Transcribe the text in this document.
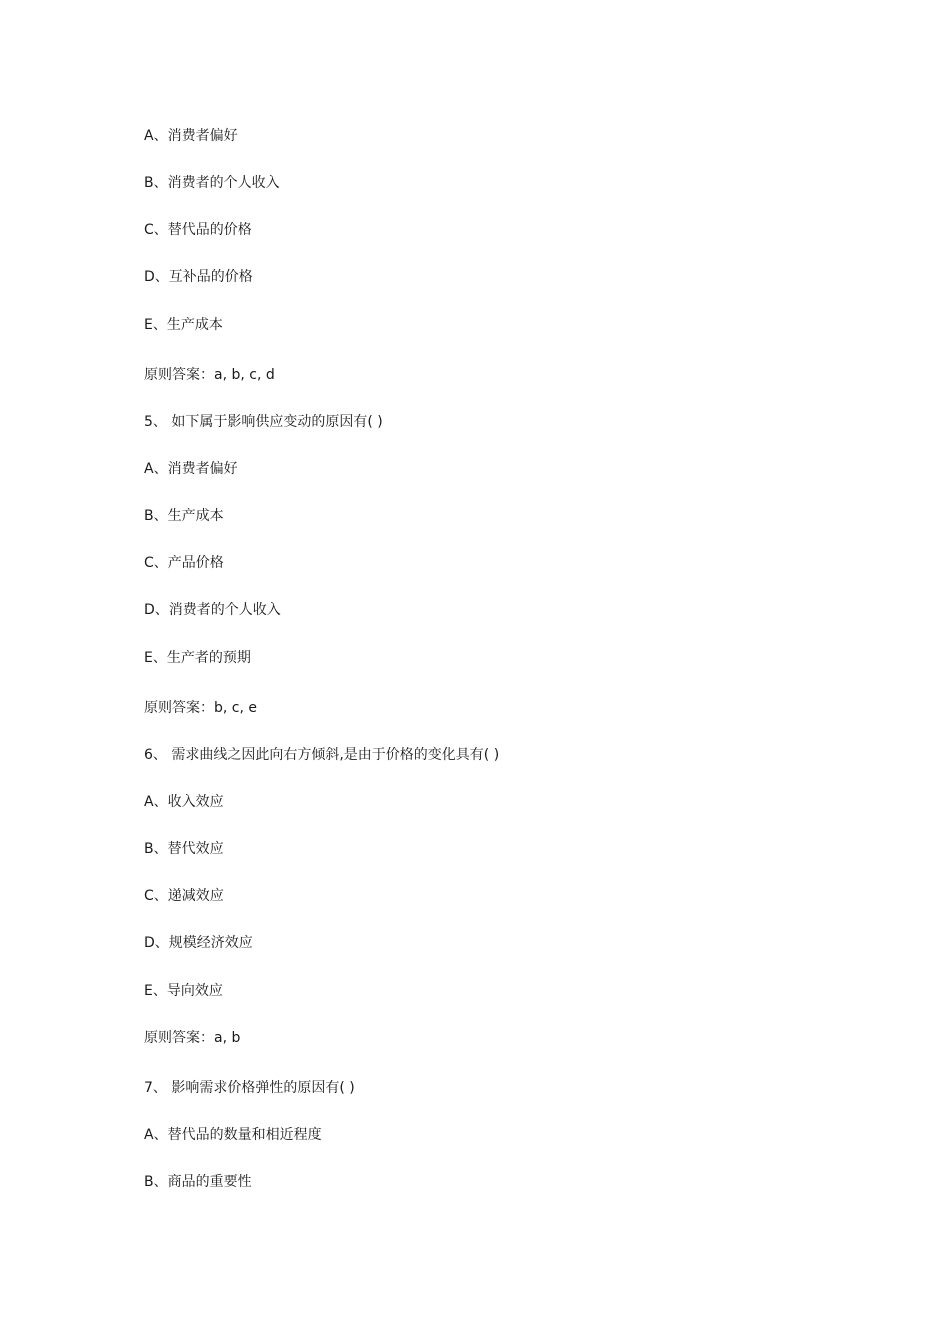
A、消费者偏好
B、消费者的个人收入
C、替代品的价格
D、互补品的价格
E、生产成本
原则答案：a, b, c, d
5、 如下属于影响供应变动的原因有( )
A、消费者偏好
B、生产成本
C、产品价格
D、消费者的个人收入
E、生产者的预期
原则答案：b, c, e
6、 需求曲线之因此向右方倾斜,是由于价格的变化具有( )
A、收入效应
B、替代效应
C、递减效应
D、规模经济效应
E、导向效应
原则答案：a, b
7、 影响需求价格弹性的原因有( )
A、替代品的数量和相近程度
B、商品的重要性
